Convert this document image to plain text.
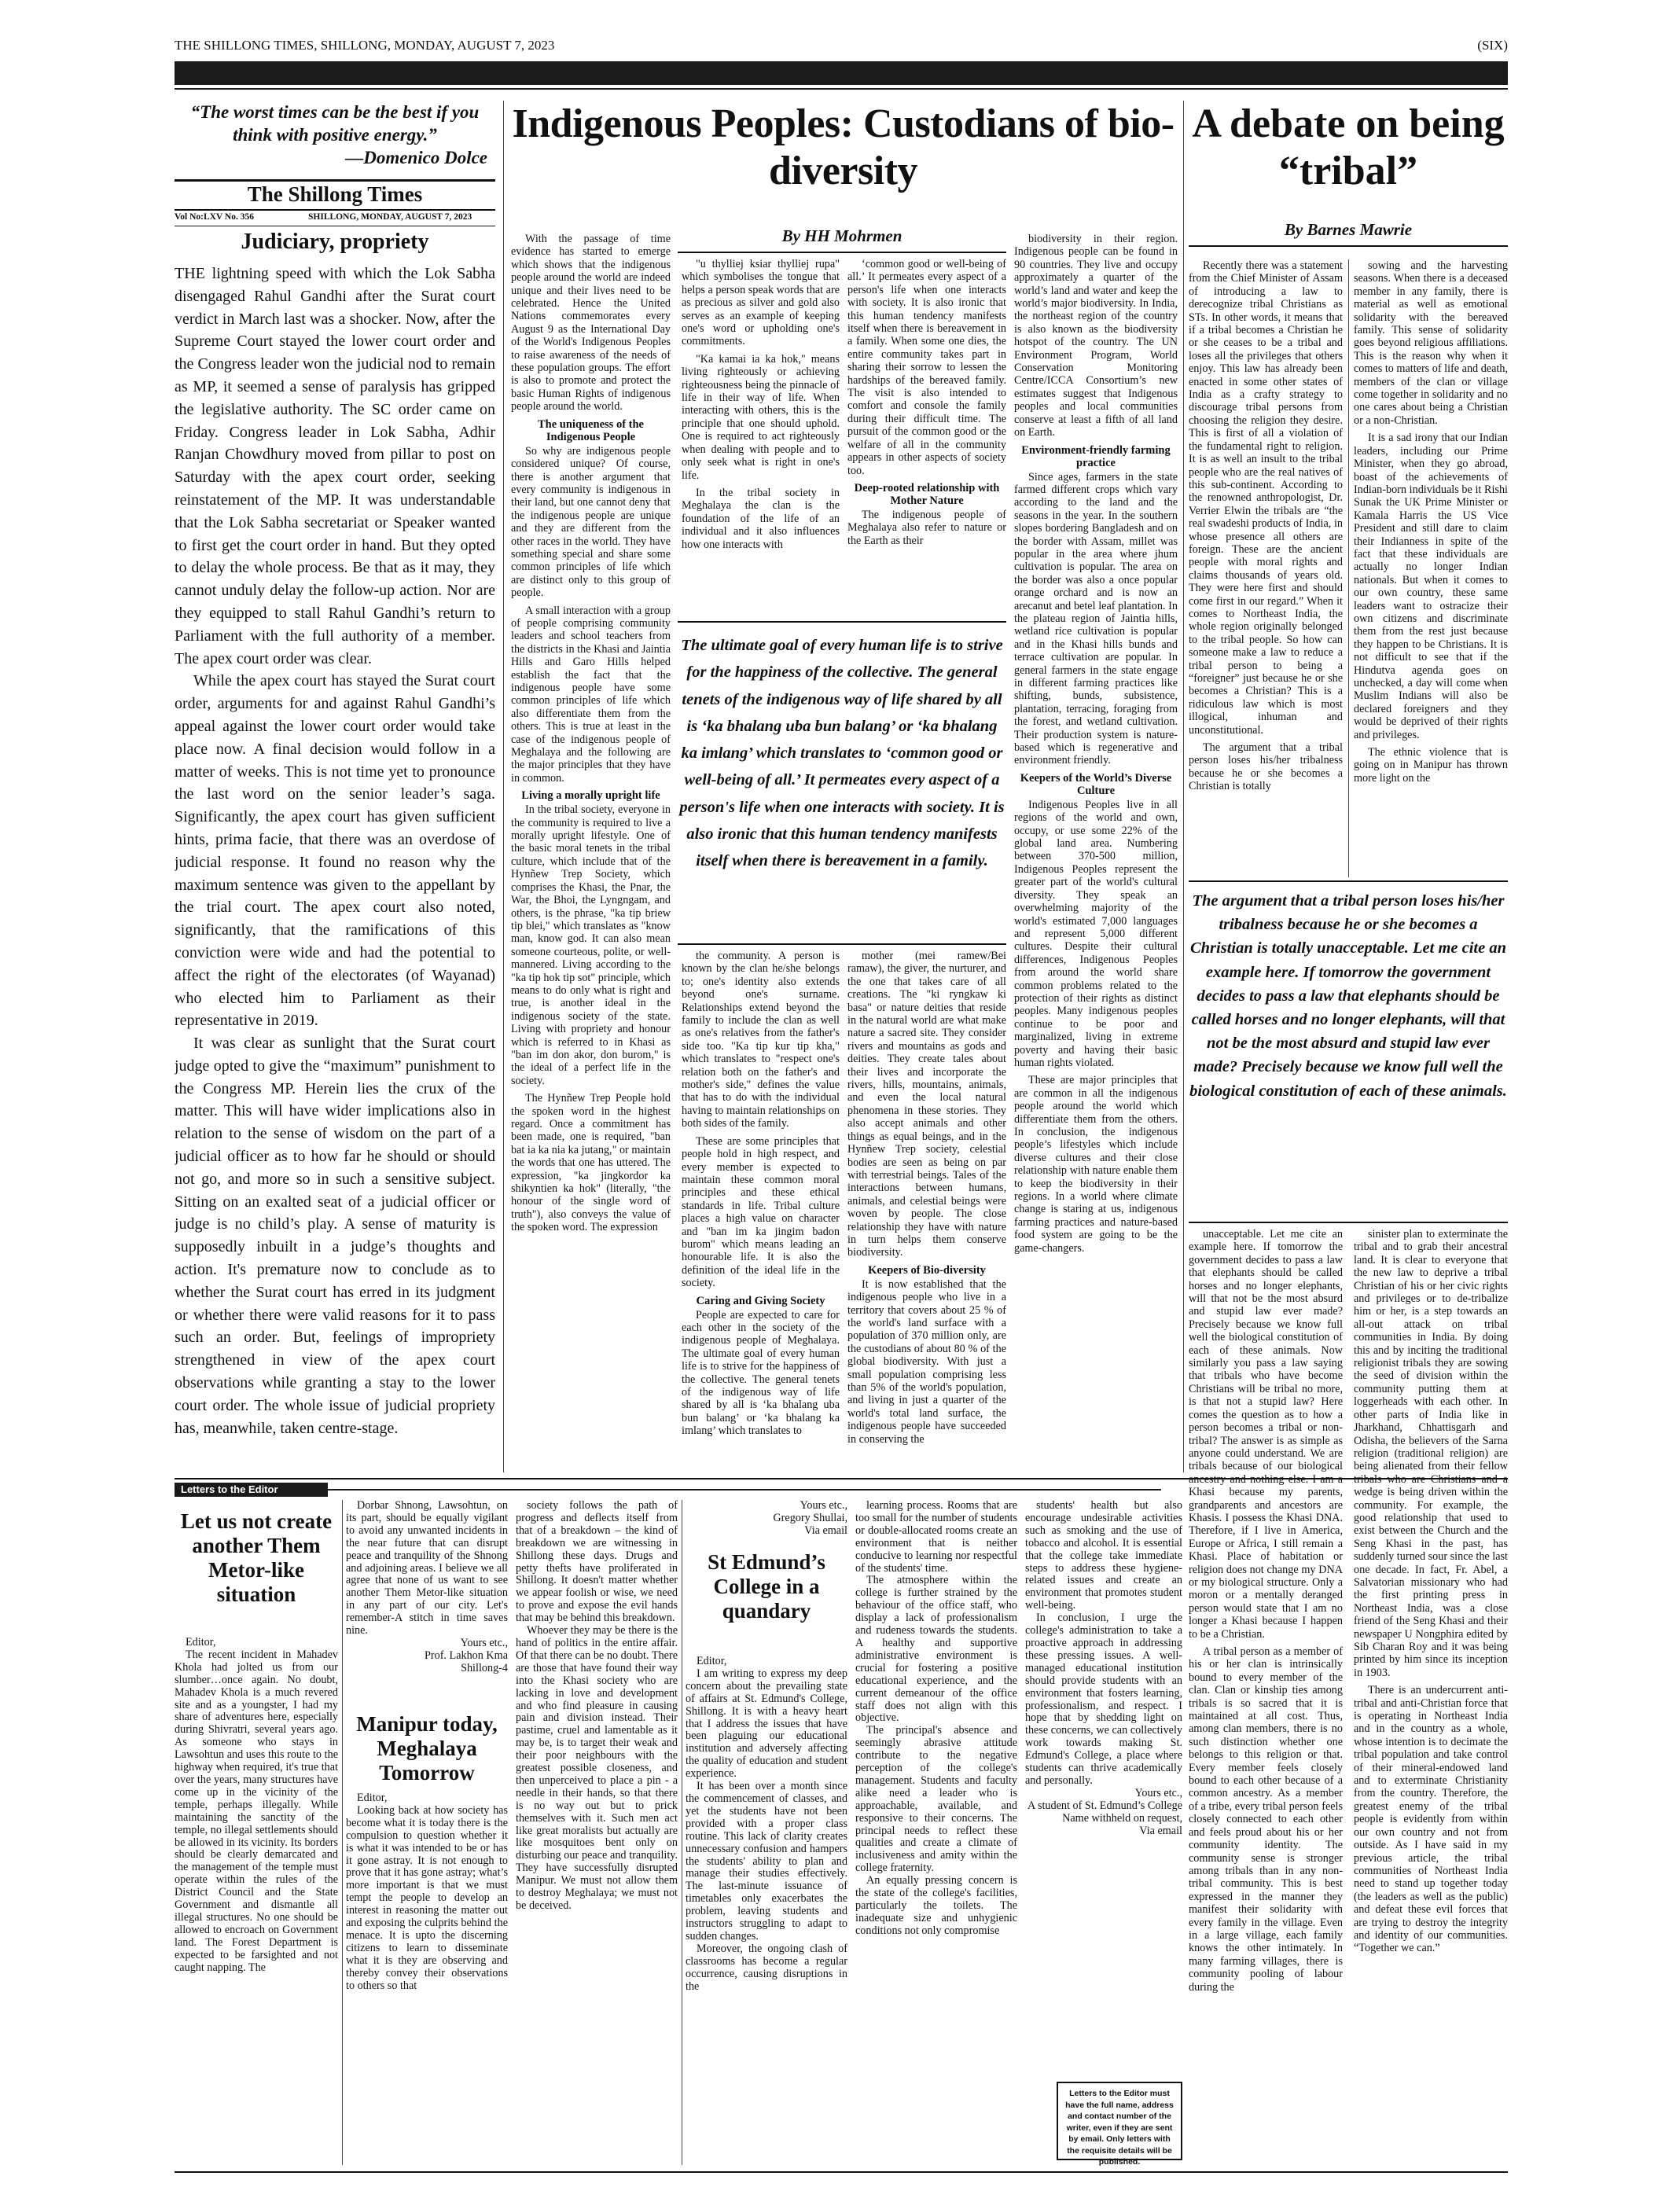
THE SHILLONG TIMES, SHILLONG, MONDAY, AUGUST 7, 2023	(SIX)
“The worst times can be the best if you think with positive energy.”
—Domenico Dolce
The Shillong Times
Vol No:LXV No. 356	SHILLONG, MONDAY, AUGUST 7, 2023
Judiciary, propriety

THE lightning speed with which the Lok Sabha disengaged Rahul Gandhi after the Surat court verdict in March last was a shocker. Now, after the Supreme Court stayed the lower court order and the Congress leader won the judicial nod to remain as MP, it seemed a sense of paralysis has gripped the legislative authority. The SC order came on Friday. Congress leader in Lok Sabha, Adhir Ranjan Chowdhury moved from pillar to post on Saturday with the apex court order, seeking reinstatement of the MP. It was understandable that the Lok Sabha secretariat or Speaker wanted to first get the court order in hand. But they opted to delay the whole process. Be that as it may, they cannot unduly delay the follow-up action. Nor are they equipped to stall Rahul Gandhi’s return to Parliament with the full authority of a member. The apex court order was clear.

While the apex court has stayed the Surat court order, arguments for and against Rahul Gandhi’s appeal against the lower court order would take place now. A final decision would follow in a matter of weeks. This is not time yet to pronounce the last word on the senior leader’s saga. Significantly, the apex court has given sufficient hints, prima facie, that there was an overdose of judicial response. It found no reason why the maximum sentence was given to the appellant by the trial court. The apex court also noted, significantly, that the ramifications of this conviction were wide and had the potential to affect the right of the electorates (of Wayanad) who elected him to Parliament as their representative in 2019.

It was clear as sunlight that the Surat court judge opted to give the “maximum” punishment to the Congress MP. Herein lies the crux of the matter. This will have wider implications also in relation to the sense of wisdom on the part of a judicial officer as to how far he should or should not go, and more so in such a sensitive subject. Sitting on an exalted seat of a judicial officer or judge is no child’s play. A sense of maturity is supposedly inbuilt in a judge’s thoughts and action. It's premature now to conclude as to whether the Surat court has erred in its judgment or whether there were valid reasons for it to pass such an order. But, feelings of impropriety strengthened in view of the apex court observations while granting a stay to the lower court order. The whole issue of judicial propriety has, meanwhile, taken centre-stage.

Indigenous Peoples: Custodians of bio-diversity
By HH Mohrmen

With the passage of time evidence has started to emerge which shows that the indigenous people around the world are indeed unique and their lives need to be celebrated. Hence the United Nations commemorates every August 9 as the International Day of the World's Indigenous Peoples to raise awareness of the needs of these population groups. The effort is also to promote and protect the basic Human Rights of indigenous people around the world.

The uniqueness of the Indigenous People

So why are indigenous people considered unique? Of course, there is another argument that every community is indigenous in their land, but one cannot deny that the indigenous people are unique and they are different from the other races in the world. They have something special and share some common principles of life which are distinct only to this group of people.

A small interaction with a group of people comprising community leaders and school teachers from the districts in the Khasi and Jaintia Hills and Garo Hills helped establish the fact that the indigenous people have some common principles of life which also differentiate them from the others. This is true at least in the case of the indigenous people of Meghalaya and the following are the major principles that they have in common.

Living a morally upright life

In the tribal society, everyone in the community is required to live a morally upright lifestyle. One of the basic moral tenets in the tribal culture, which include that of the Hynñew Trep Society, which comprises the Khasi, the Pnar, the War, the Bhoi, the Lyngngam, and others, is the phrase, "ka tip briew tip blei," which translates as "know man, know god. It can also mean someone courteous, polite, or well-mannered. Living according to the "ka tip hok tip sot" principle, which means to do only what is right and true, is another ideal in the indigenous society of the state. Living with propriety and honour which is referred to in Khasi as "ban im don akor, don burom," is the ideal of a perfect life in the society.

The Hynñew Trep People hold the spoken word in the highest regard. Once a commitment has been made, one is required, "ban bat ia ka nia ka jutang," or maintain the words that one has uttered. The expression, "ka jingkordor ka shikyntien ka hok" (literally, "the honour of the single word of truth"), also conveys the value of the spoken word. The expression

"u thylliej ksiar thylliej rupa" which symbolises the tongue that helps a person speak words that are as precious as silver and gold also serves as an example of keeping one's word or upholding one's commitments.

"Ka kamai ia ka hok," means living righteously or achieving righteousness being the pinnacle of life in their way of life. When interacting with others, this is the principle that one should uphold. One is required to act righteously when dealing with people and to only seek what is right in one's life.

In the tribal society in Meghalaya the clan is the foundation of the life of an individual and it also influences how one interacts with

‘common good or well-being of all.’ It permeates every aspect of a person's life when one interacts with society. It is also ironic that this human tendency manifests itself when there is bereavement in a family. When some one dies, the entire community takes part in sharing their sorrow to lessen the hardships of the bereaved family. The visit is also intended to comfort and console the family during their difficult time. The pursuit of the common good or the welfare of all in the community appears in other aspects of society too.

Deep-rooted relationship with Mother Nature

The indigenous people of Meghalaya also refer to nature or the Earth as their

The ultimate goal of every human life is to strive for the happiness of the collective. The general tenets of the indigenous way of life shared by all is ‘ka bhalang uba bun balang’ or ‘ka bhalang ka imlang’ which translates to ‘common good or well-being of all.’ It permeates every aspect of a person's life when one interacts with society. It is also ironic that this human tendency manifests itself when there is bereavement in a family.

the community. A person is known by the clan he/she belongs to; one's identity also extends beyond one's surname. Relationships extend beyond the family to include the clan as well as one's relatives from the father's side too. "Ka tip kur tip kha," which translates to "respect one's relation both on the father's and mother's side," defines the value that has to do with the individual having to maintain relationships on both sides of the family.

These are some principles that people hold in high respect, and every member is expected to maintain these common moral principles and these ethical standards in life. Tribal culture places a high value on character and "ban im ka jingim badon burom" which means leading an honourable life. It is also the definition of the ideal life in the society.

Caring and Giving Society

People are expected to care for each other in the society of the indigenous people of Meghalaya. The ultimate goal of every human life is to strive for the happiness of the collective. The general tenets of the indigenous way of life shared by all is ‘ka bhalang uba bun balang’ or ‘ka bhalang ka imlang’ which translates to

mother (mei ramew/Bei ramaw), the giver, the nurturer, and the one that takes care of all creations. The "ki ryngkaw ki basa" or nature deities that reside in the natural world are what make nature a sacred site. They consider rivers and mountains as gods and deities. They create tales about their lives and incorporate the rivers, hills, mountains, animals, and even the local natural phenomena in these stories. They also accept animals and other things as equal beings, and in the Hynñew Trep society, celestial bodies are seen as being on par with terrestrial beings. Tales of the interactions between humans, animals, and celestial beings were woven by people. The close relationship they have with nature in turn helps them conserve biodiversity.

Keepers of Bio-diversity

It is now established that the indigenous people who live in a territory that covers about 25 % of the world's land surface with a population of 370 million only, are the custodians of about 80 % of the global biodiversity. With just a small population comprising less than 5% of the world's population, and living in just a quarter of the world's total land surface, the indigenous people have succeeded in conserving the

biodiversity in their region. Indigenous people can be found in 90 countries. They live and occupy approximately a quarter of the world’s land and water and keep the world’s major biodiversity. In India, the northeast region of the country is also known as the biodiversity hotspot of the country. The UN Environment Program, World Conservation Monitoring Centre/ICCA Consortium’s new estimates suggest that Indigenous peoples and local communities conserve at least a fifth of all land on Earth.

Environment-friendly farming practice

Since ages, farmers in the state farmed different crops which vary according to the land and the seasons in the year. In the southern slopes bordering Bangladesh and on the border with Assam, millet was popular in the area where jhum cultivation is popular. The area on the border was also a once popular orange orchard and is now an arecanut and betel leaf plantation. In the plateau region of Jaintia hills, wetland rice cultivation is popular and in the Khasi hills bunds and terrace cultivation are popular. In general farmers in the state engage in different farming practices like shifting, bunds, subsistence, plantation, terracing, foraging from the forest, and wetland cultivation. Their production system is nature-based which is regenerative and environment friendly.

Keepers of the World’s Diverse Culture

Indigenous Peoples live in all regions of the world and own, occupy, or use some 22% of the global land area. Numbering between 370-500 million, Indigenous Peoples represent the greater part of the world's cultural diversity. They speak an overwhelming majority of the world's estimated 7,000 languages and represent 5,000 different cultures. Despite their cultural differences, Indigenous Peoples from around the world share common problems related to the protection of their rights as distinct peoples. Many indigenous peoples continue to be poor and marginalized, living in extreme poverty and having their basic human rights violated.

These are major principles that are common in all the indigenous people around the world which differentiate them from the others. In conclusion, the indigenous people’s lifestyles which include diverse cultures and their close relationship with nature enable them to keep the biodiversity in their regions. In a world where climate change is staring at us, indigenous farming practices and nature-based food system are going to be the game-changers.

A debate on being “tribal”
By Barnes Mawrie

Recently there was a statement from the Chief Minister of Assam of introducing a law to derecognize tribal Christians as STs. In other words, it means that if a tribal becomes a Christian he or she ceases to be a tribal and loses all the privileges that others enjoy. This law has already been enacted in some other states of India as a crafty strategy to discourage tribal persons from choosing the religion they desire. This is first of all a violation of the fundamental right to religion. It is as well an insult to the tribal people who are the real natives of this sub-continent. According to the renowned anthropologist, Dr. Verrier Elwin the tribals are “the real swadeshi products of India, in whose presence all others are foreign. These are the ancient people with moral rights and claims thousands of years old. They were here first and should come first in our regard.” When it comes to Northeast India, the whole region originally belonged to the tribal people. So how can someone make a law to reduce a tribal person to being a “foreigner” just because he or she becomes a Christian? This is a ridiculous law which is most illogical, inhuman and unconstitutional.

The argument that a tribal person loses his/her tribalness because he or she becomes a Christian is totally

sowing and the harvesting seasons. When there is a deceased member in any family, there is material as well as emotional solidarity with the bereaved family. This sense of solidarity goes beyond religious affiliations. This is the reason why when it comes to matters of life and death, members of the clan or village come together in solidarity and no one cares about being a Christian or a non-Christian.

It is a sad irony that our Indian leaders, including our Prime Minister, when they go abroad, boast of the achievements of Indian-born individuals be it Rishi Sunak the UK Prime Minister or Kamala Harris the US Vice President and still dare to claim their Indianness in spite of the fact that these individuals are actually no longer Indian nationals. But when it comes to our own country, these same leaders want to ostracize their own citizens and discriminate them from the rest just because they happen to be Christians. It is not difficult to see that if the Hindutva agenda goes on unchecked, a day will come when Muslim Indians will also be declared foreigners and they would be deprived of their rights and privileges.

The ethnic violence that is going on in Manipur has thrown more light on the

The argument that a tribal person loses his/her tribalness because he or she becomes a Christian is totally unacceptable. Let me cite an example here. If tomorrow the government decides to pass a law that elephants should be called horses and no longer elephants, will that not be the most absurd and stupid law ever made? Precisely because we know full well the biological constitution of each of these animals.

unacceptable. Let me cite an example here. If tomorrow the government decides to pass a law that elephants should be called horses and no longer elephants, will that not be the most absurd and stupid law ever made? Precisely because we know full well the biological constitution of each of these animals. Now similarly you pass a law saying that tribals who have become Christians will be tribal no more, is that not a stupid law? Here comes the question as to how a person becomes a tribal or non-tribal? The answer is as simple as anyone could understand. We are tribals because of our biological Khasi because my parents, grandparents and ancestors are Khasis. I possess the Khasi DNA. Therefore, if I live in America, Europe or Africa, I still remain a Khasi. Place of habitation or religion does not change my DNA or my biological structure. Only a moron or a mentally deranged person would state that I am no longer a Khasi because I happen to be a Christian.

A tribal person as a member of his or her clan is intrinsically bound to every member of the clan. Clan or kinship ties among tribals is so sacred that it is maintained at all cost. Thus, among clan members, there is no such distinction whether one belongs to this religion or that. Every member feels closely bound to each other because of a common ancestry. As a member of a tribe, every tribal person feels closely connected to each other and feels proud about his or her community identity. The community sense is stronger among tribals than in any non-tribal community. This is best expressed in the manner they manifest their solidarity with every family in the village. Even in a large village, each family knows the other intimately. In many farming villages, there is community pooling of labour during the

sinister plan to exterminate the tribal and to grab their ancestral land. It is clear to everyone that the new law to deprive a tribal Christian of his or her civic rights and privileges or to de-tribalize him or her, is a step towards an all-out attack on tribal communities in India. By doing this and by inciting the traditional religionist tribals they are sowing the seed of division within the community putting them at loggerheads with each other. In other parts of India like in Jharkhand, Chhattisgarh and Odisha, the believers of the Sarna religion (traditional religion) are being alienated from their fellow wedge is being driven within the community. For example, the good relationship that used to exist between the Church and the Seng Khasi in the past, has suddenly turned sour since the last one decade. In fact, Fr. Abel, a Salvatorian missionary who had the first printing press in Northeast India, was a close friend of the Seng Khasi and their newspaper U Nongphira edited by Sib Charan Roy and it was being printed by him since its inception in 1903.

There is an undercurrent anti-tribal and anti-Christian force that is operating in Northeast India and in the country as a whole, whose intention is to decimate the tribal population and take control of their mineral-endowed land and to exterminate Christianity from the country. Therefore, the greatest enemy of the tribal people is evidently from within our own country and not from outside. As I have said in my previous article, the tribal communities of Northeast India need to stand up together today (the leaders as well as the public) and defeat these evil forces that are trying to destroy the integrity and identity of our communities. “Together we can.”

Letters to the Editor
Let us not create another Them Metor-like situation

Editor,

The recent incident in Mahadev Khola had jolted us from our slumber…once again. No doubt, Mahadev Khola is a much revered site and as a youngster, I had my share of adventures here, especially during Shivratri, several years ago. As someone who stays in Lawsohtun and uses this route to the highway when required, it's true that over the years, many structures have come up in the vicinity of the temple, perhaps illegally. While maintaining the sanctity of the temple, no illegal settlements should be allowed in its vicinity. Its borders should be clearly demarcated and the management of the temple must operate within the rules of the District Council and the State Government and dismantle all illegal structures. No one should be allowed to encroach on Government land. The Forest Department is expected to be farsighted and not caught napping. The

Dorbar Shnong, Lawsohtun, on its part, should be equally vigilant to avoid any unwanted incidents in the near future that can disrupt peace and tranquility of the Shnong and adjoining areas. I believe we all agree that none of us want to see another Them Metor-like situation in any part of our city. Let's remember-A stitch in time saves nine.

Yours etc.,

Prof. Lakhon Kma

Shillong-4

Manipur today, Meghalaya Tomorrow

Editor,

Looking back at how society has become what it is today there is the compulsion to question whether it is what it was intended to be or has it gone astray. It is not enough to prove that it has gone astray; what’s more important is that we must tempt the people to develop an interest in reasoning the matter out and exposing the culprits behind the menace. It is upto the discerning citizens to learn to disseminate what it is they are observing and thereby convey their observations to others so that

society follows the path of progress and deflects itself from that of a breakdown – the kind of breakdown we are witnessing in Shillong these days. Drugs and petty thefts have proliferated in Shillong. It doesn't matter whether we appear foolish or wise, we need to prove and expose the evil hands that may be behind this breakdown.

Whoever they may be there is the hand of politics in the entire affair. Of that there can be no doubt. There are those that have found their way into the Khasi society who are lacking in love and development and who find pleasure in causing pain and division instead. Their pastime, cruel and lamentable as it may be, is to target their weak and their poor neighbours with the greatest possible closeness, and then unperceived to place a pin - a needle in their hands, so that there is no way out but to prick themselves with it. Such men act like great moralists but actually are like mosquitoes bent only on disturbing our peace and tranquility. They have successfully disrupted Manipur. We must not allow them to destroy Meghalaya; we must not be deceived.

Yours etc.,

Gregory Shullai,

Via email

St Edmund’s College in a quandary

Editor,

I am writing to express my deep concern about the prevailing state of affairs at St. Edmund's College, Shillong. It is with a heavy heart that I address the issues that have been plaguing our educational institution and adversely affecting the quality of education and student experience.

It has been over a month since the commencement of classes, and yet the students have not been provided with a proper class routine. This lack of clarity creates unnecessary confusion and hampers the students' ability to plan and manage their studies effectively. The last-minute issuance of timetables only exacerbates the problem, leaving students and instructors struggling to adapt to sudden changes.

Moreover, the ongoing clash of classrooms has become a regular occurrence, causing disruptions in the

learning process. Rooms that are too small for the number of students or double-allocated rooms create an environment that is neither conducive to learning nor respectful of the students' time.

The atmosphere within the college is further strained by the behaviour of the office staff, who display a lack of professionalism and rudeness towards the students. A healthy and supportive administrative environment is crucial for fostering a positive educational experience, and the current demeanour of the office staff does not align with this objective.

The principal's absence and seemingly abrasive attitude contribute to the negative perception of the college's management. Students and faculty alike need a leader who is approachable, available, and responsive to their concerns. The principal needs to reflect these qualities and create a climate of inclusiveness and amity within the college fraternity.

An equally pressing concern is the state of the college's facilities, particularly the toilets. The inadequate size and unhygienic conditions not only compromise

students' health but also encourage undesirable activities such as smoking and the use of tobacco and alcohol. It is essential that the college take immediate steps to address these hygiene-related issues and create an environment that promotes student well-being.

In conclusion, I urge the college's administration to take a proactive approach in addressing these pressing issues. A well-managed educational institution should provide students with an environment that fosters learning, professionalism, and respect. I hope that by shedding light on these concerns, we can collectively work towards making St. Edmund's College, a place where students can thrive academically and personally.

Yours etc.,

A student of St. Edmund’s College

Name withheld on request,

Via email

Letters to the Editor must have the full name, address and contact number of the writer, even if they are sent by email. Only letters with the requisite details will be published.
